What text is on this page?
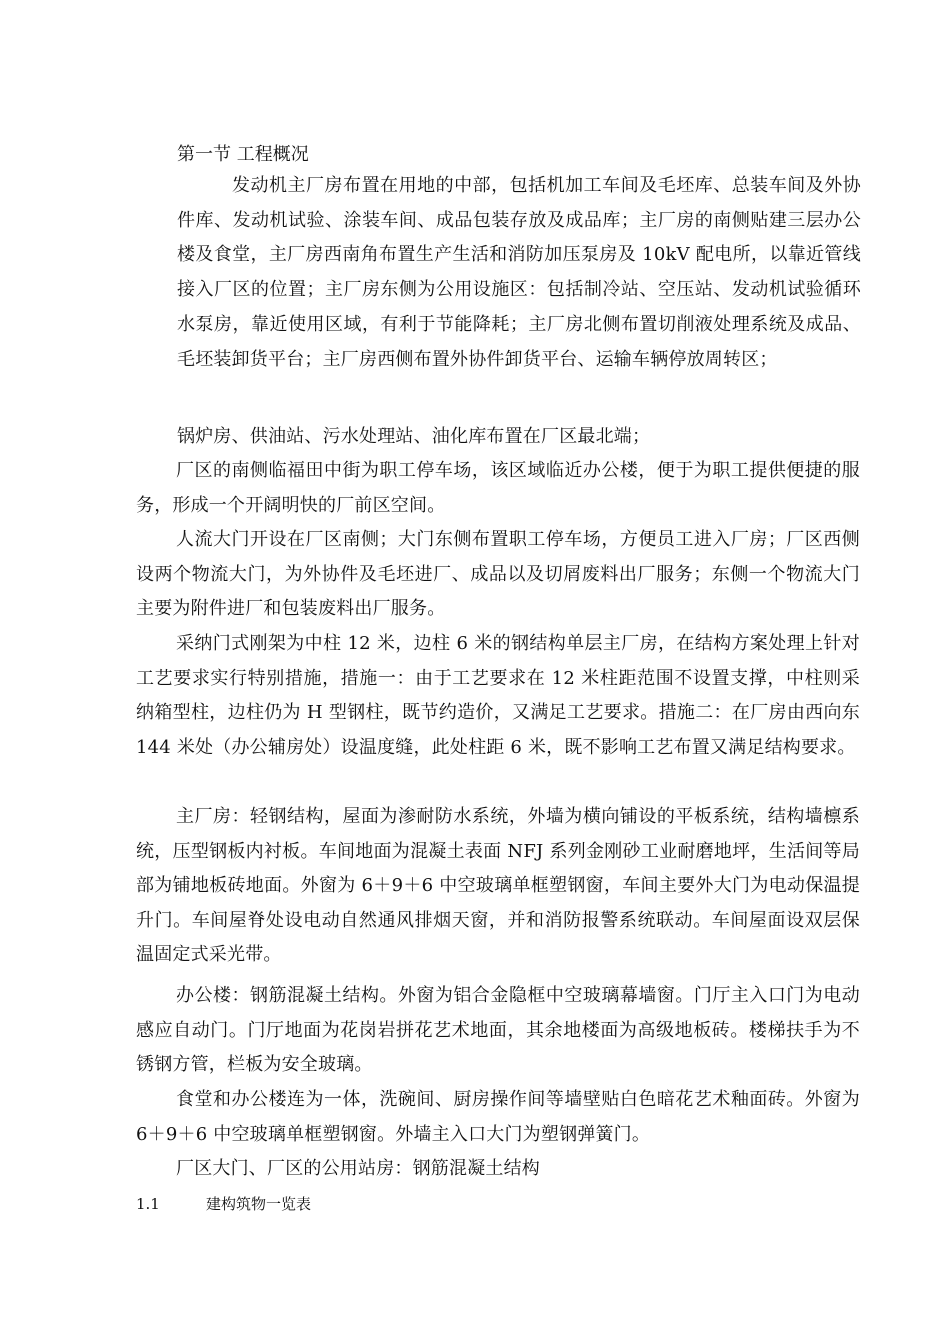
第一节 工程概况

发动机主厂房布置在用地的中部，包括机加工车间及毛坯库、总装车间及外协件库、发动机试验、涂装车间、成品包装存放及成品库；主厂房的南侧贴建三层办公楼及食堂，主厂房西南角布置生产生活和消防加压泵房及 10kV 配电所，以靠近管线接入厂区的位置；主厂房东侧为公用设施区：包括制冷站、空压站、发动机试验循环水泵房，靠近使用区域，有利于节能降耗；主厂房北侧布置切削液处理系统及成品、毛坯装卸货平台；主厂房西侧布置外协件卸货平台、运输车辆停放周转区；

锅炉房、供油站、污水处理站、油化库布置在厂区最北端；

厂区的南侧临福田中街为职工停车场，该区域临近办公楼，便于为职工提供便捷的服务，形成一个开阔明快的厂前区空间。

人流大门开设在厂区南侧；大门东侧布置职工停车场，方便员工进入厂房；厂区西侧设两个物流大门，为外协件及毛坯进厂、成品以及切屑废料出厂服务；东侧一个物流大门主要为附件进厂和包装废料出厂服务。

采纳门式刚架为中柱 12 米，边柱 6 米的钢结构单层主厂房，在结构方案处理上针对工艺要求实行特别措施，措施一：由于工艺要求在 12 米柱距范围不设置支撑，中柱则采纳箱型柱，边柱仍为 H 型钢柱，既节约造价，又满足工艺要求。措施二：在厂房由西向东 144 米处（办公辅房处）设温度缝，此处柱距 6 米，既不影响工艺布置又满足结构要求。

主厂房：轻钢结构，屋面为渗耐防水系统，外墙为横向铺设的平板系统，结构墙檩系统，压型钢板内衬板。车间地面为混凝土表面 NFJ 系列金刚砂工业耐磨地坪，生活间等局部为铺地板砖地面。外窗为 6＋9＋6 中空玻璃单框塑钢窗，车间主要外大门为电动保温提升门。车间屋脊处设电动自然通风排烟天窗，并和消防报警系统联动。车间屋面设双层保温固定式采光带。

办公楼：钢筋混凝土结构。外窗为铝合金隐框中空玻璃幕墙窗。门厅主入口门为电动感应自动门。门厅地面为花岗岩拼花艺术地面，其余地楼面为高级地板砖。楼梯扶手为不锈钢方管，栏板为安全玻璃。

食堂和办公楼连为一体，洗碗间、厨房操作间等墙壁贴白色暗花艺术釉面砖。外窗为 6＋9＋6 中空玻璃单框塑钢窗。外墙主入口大门为塑钢弹簧门。

厂区大门、厂区的公用站房：钢筋混凝土结构

1.1	建构筑物一览表
